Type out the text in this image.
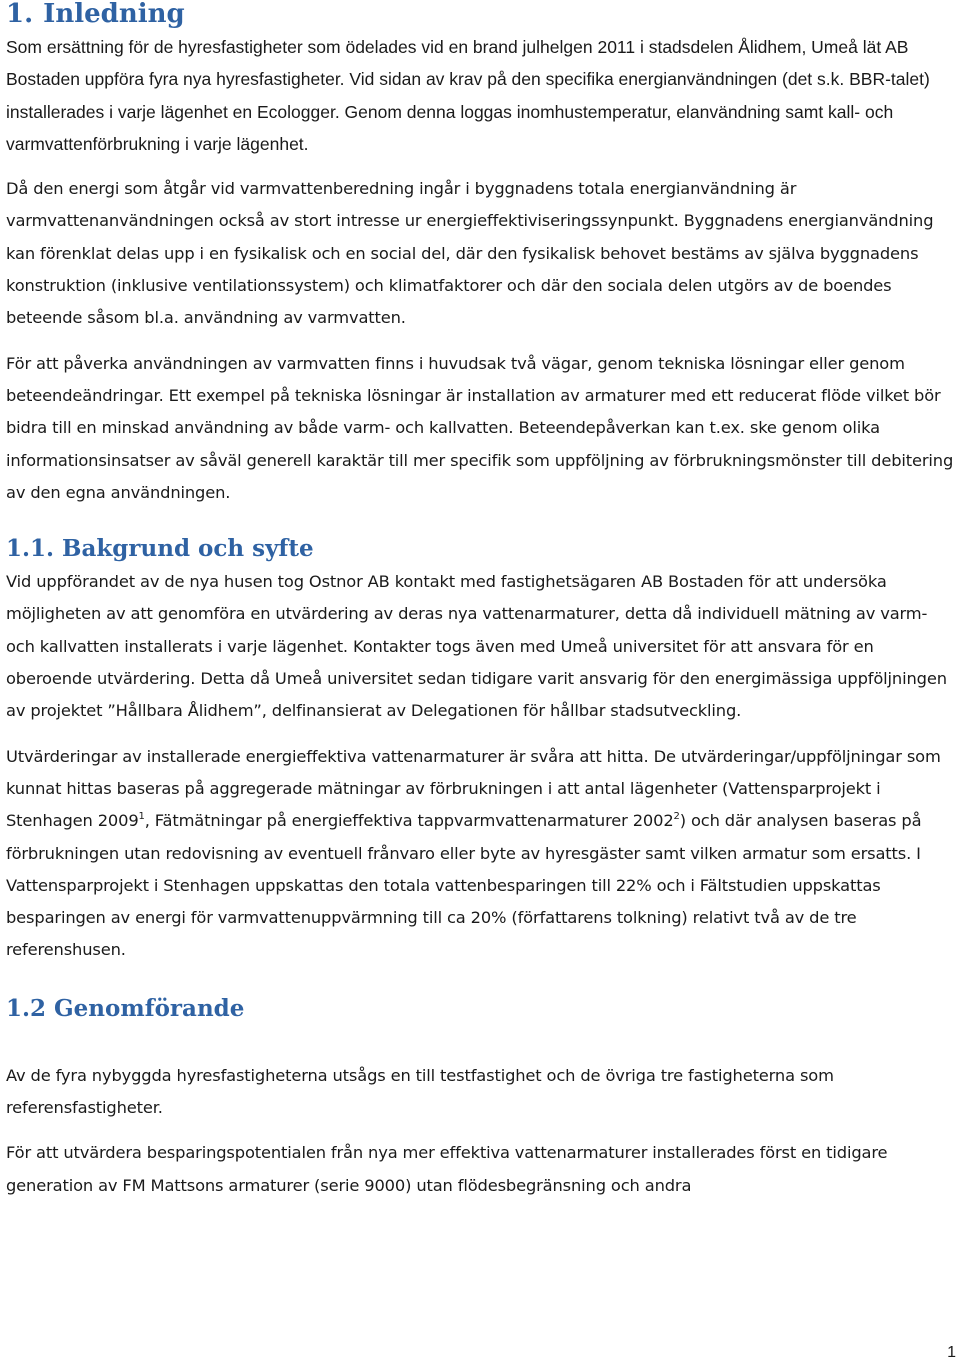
1. Inledning

Som ersättning för de hyresfastigheter som ödelades vid en brand julhelgen 2011 i stadsdelen Ålidhem, Umeå lät AB Bostaden uppföra fyra nya hyresfastigheter. Vid sidan av krav på den specifika energianvändningen (det s.k. BBR-talet) installerades i varje lägenhet en Ecologger. Genom denna loggas inomhustemperatur, elanvändning samt kall- och varmvattenförbrukning i varje lägenhet.

Då den energi som åtgår vid varmvattenberedning ingår i byggnadens totala energianvändning är varmvattenanvändningen också av stort intresse ur energieffektiviseringssynpunkt. Byggnadens energianvändning kan förenklat delas upp i en fysikalisk och en social del, där den fysikalisk behovet bestäms av själva byggnadens konstruktion (inklusive ventilationssystem) och klimatfaktorer och där den sociala delen utgörs av de boendes beteende såsom bl.a. användning av varmvatten.

För att påverka användningen av varmvatten finns i huvudsak två vägar, genom tekniska lösningar eller genom beteendeändringar. Ett exempel på tekniska lösningar är installation av armaturer med ett reducerat flöde vilket bör bidra till en minskad användning av både varm- och kallvatten. Beteendepåverkan kan t.ex. ske genom olika informationsinsatser av såväl generell karaktär till mer specifik som uppföljning av förbrukningsmönster till debitering av den egna användningen.

1.1. Bakgrund och syfte

Vid uppförandet av de nya husen tog Ostnor AB kontakt med fastighetsägaren AB Bostaden för att undersöka möjligheten av att genomföra en utvärdering av deras nya vattenarmaturer, detta då individuell mätning av varm- och kallvatten installerats i varje lägenhet. Kontakter togs även med Umeå universitet för att ansvara för en oberoende utvärdering. Detta då Umeå universitet sedan tidigare varit ansvarig för den energimässiga uppföljningen av projektet ”Hållbara Ålidhem”, delfinansierat av Delegationen för hållbar stadsutveckling.

Utvärderingar av installerade energieffektiva vattenarmaturer är svåra att hitta. De utvärderingar/uppföljningar som kunnat hittas baseras på aggregerade mätningar av förbrukningen i att antal lägenheter (Vattensparprojekt i Stenhagen 2009$^1$, Fätmätningar på energieffektiva tappvarmvattenarmaturer 2002$^2$) och där analysen baseras på förbrukningen utan redovisning av eventuell frånvaro eller byte av hyresgäster samt vilken armatur som ersatts. I Vattensparprojekt i Stenhagen uppskattas den totala vattenbesparingen till 22% och i Fältstudien uppskattas besparingen av energi för varmvattenuppvärmning till ca 20% (författarens tolkning) relativt två av de tre referenshusen.

1.2 Genomförande

Av de fyra nybyggda hyresfastigheterna utsågs en till testfastighet och de övriga tre fastigheterna som referensfastigheter.

För att utvärdera besparingspotentialen från nya mer effektiva vattenarmaturer installerades först en tidigare generation av FM Mattsons armaturer (serie 9000) utan flödesbegränsning och andra

1
